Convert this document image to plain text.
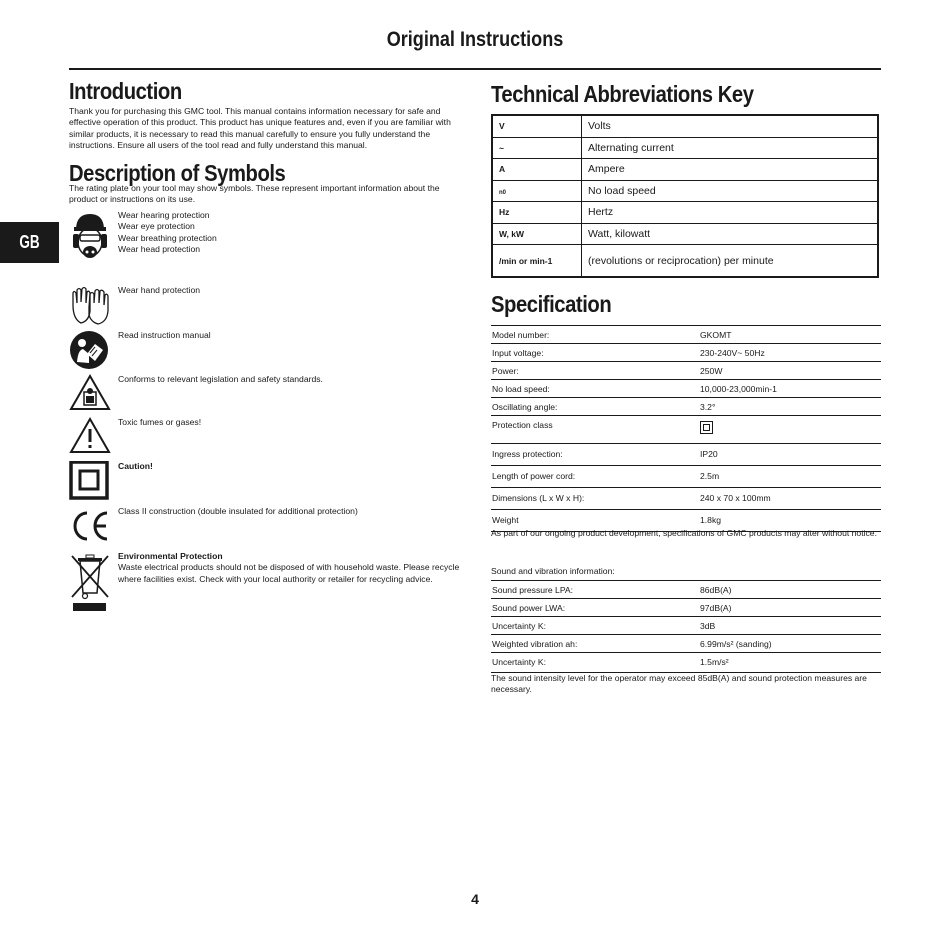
Original Instructions
GB
Introduction
Thank you for purchasing this GMC tool. This manual contains information necessary for safe and effective operation of this product. This product has unique features and, even if you are familiar with similar products, it is necessary to read this manual carefully to ensure you fully understand the instructions. Ensure all users of the tool read and fully understand this manual.
Description of Symbols
The rating plate on your tool may show symbols. These represent important information about the product or instructions on its use.
Wear hearing protection
Wear eye protection
Wear breathing protection
Wear head protection
Wear hand protection
Read instruction manual
Conforms to relevant legislation and safety standards.
Toxic fumes or gases!
Caution!
Class II construction (double insulated for additional protection)
Environmental Protection
Waste electrical products should not be disposed of with household waste. Please recycle where facilities exist. Check with your local authority or retailer for recycling advice.
Technical Abbreviations Key
V	Volts
~	Alternating current
A	Ampere
n0	No load speed
Hz	Hertz
W, kW	Watt, kilowatt
/min or min-1	(revolutions or reciprocation) per minute
Specification
Model number:	GKOMT
Input voltage:	230-240V~ 50Hz
Power:	250W
No load speed:	10,000-23,000min-1
Oscillating angle:	3.2°
Protection class
Ingress protection:	IP20
Length of power cord:	2.5m
Dimensions (L x W x H):	240 x 70 x 100mm
Weight	1.8kg
As part of our ongoing product development, specifications of GMC products may alter without notice.
Sound and vibration information:
Sound pressure LPA:	86dB(A)
Sound power LWA:	97dB(A)
Uncertainty K:	3dB
Weighted vibration ah:	6.99m/s² (sanding)
Uncertainty K:	1.5m/s²
The sound intensity level for the operator may exceed 85dB(A) and sound protection measures are necessary.
4
